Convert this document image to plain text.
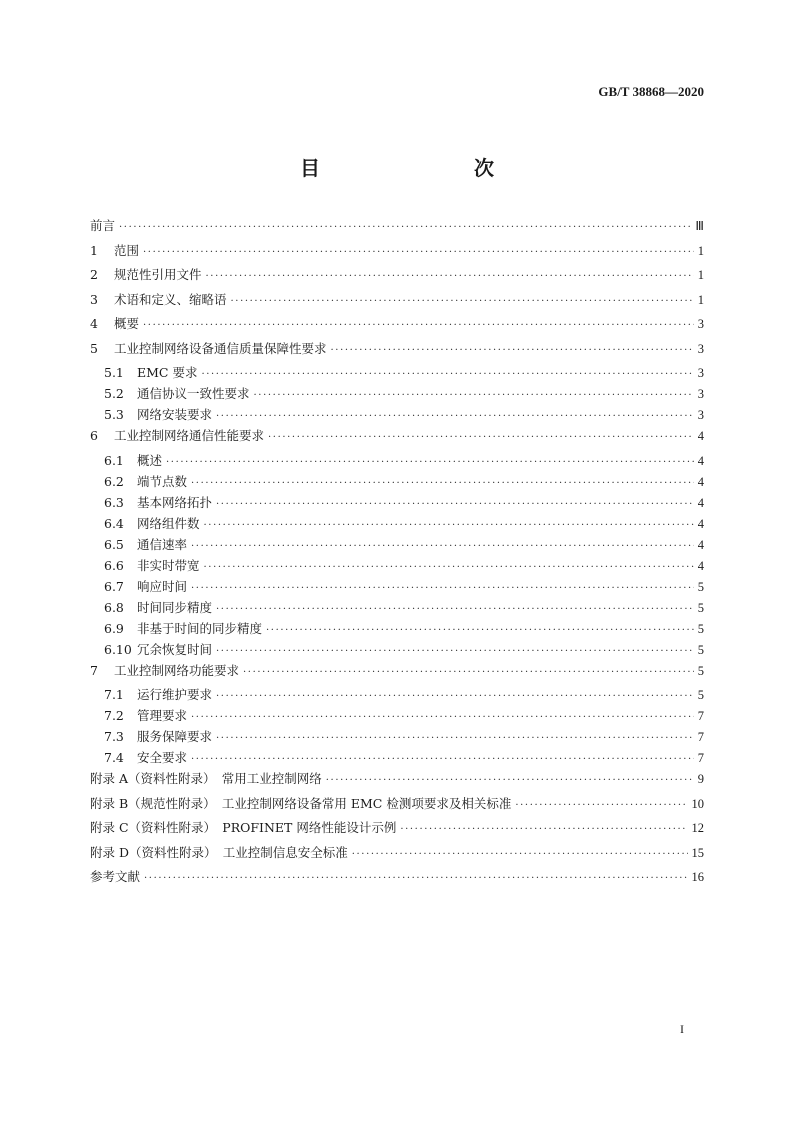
GB/T 38868—2020
目　　次
前言 ·····	Ⅲ
1 范围 ·····	1
2 规范性引用文件 ·····	1
3 术语和定义、缩略语 ·····	1
4 概要 ·····	3
5 工业控制网络设备通信质量保障性要求 ·····	3
5.1 EMC 要求 ·····	3
5.2 通信协议一致性要求 ·····	3
5.3 网络安装要求 ·····	3
6 工业控制网络通信性能要求 ·····	4
6.1 概述 ·····	4
6.2 端节点数 ·····	4
6.3 基本网络拓扑 ·····	4
6.4 网络组件数 ·····	4
6.5 通信速率 ·····	4
6.6 非实时带宽 ·····	4
6.7 响应时间 ·····	5
6.8 时间同步精度 ·····	5
6.9 非基于时间的同步精度 ·····	5
6.10 冗余恢复时间 ·····	5
7 工业控制网络功能要求 ·····	5
7.1 运行维护要求 ·····	5
7.2 管理要求 ·····	7
7.3 服务保障要求 ·····	7
7.4 安全要求 ·····	7
附录 A（资料性附录）　常用工业控制网络 ·····	9
附录 B（规范性附录）　工业控制网络设备常用 EMC 检测项要求及相关标准 ·····	10
附录 C（资料性附录）　PROFINET 网络性能设计示例 ·····	12
附录 D（资料性附录）　工业控制信息安全标准 ·····	15
参考文献 ·····	16
I
